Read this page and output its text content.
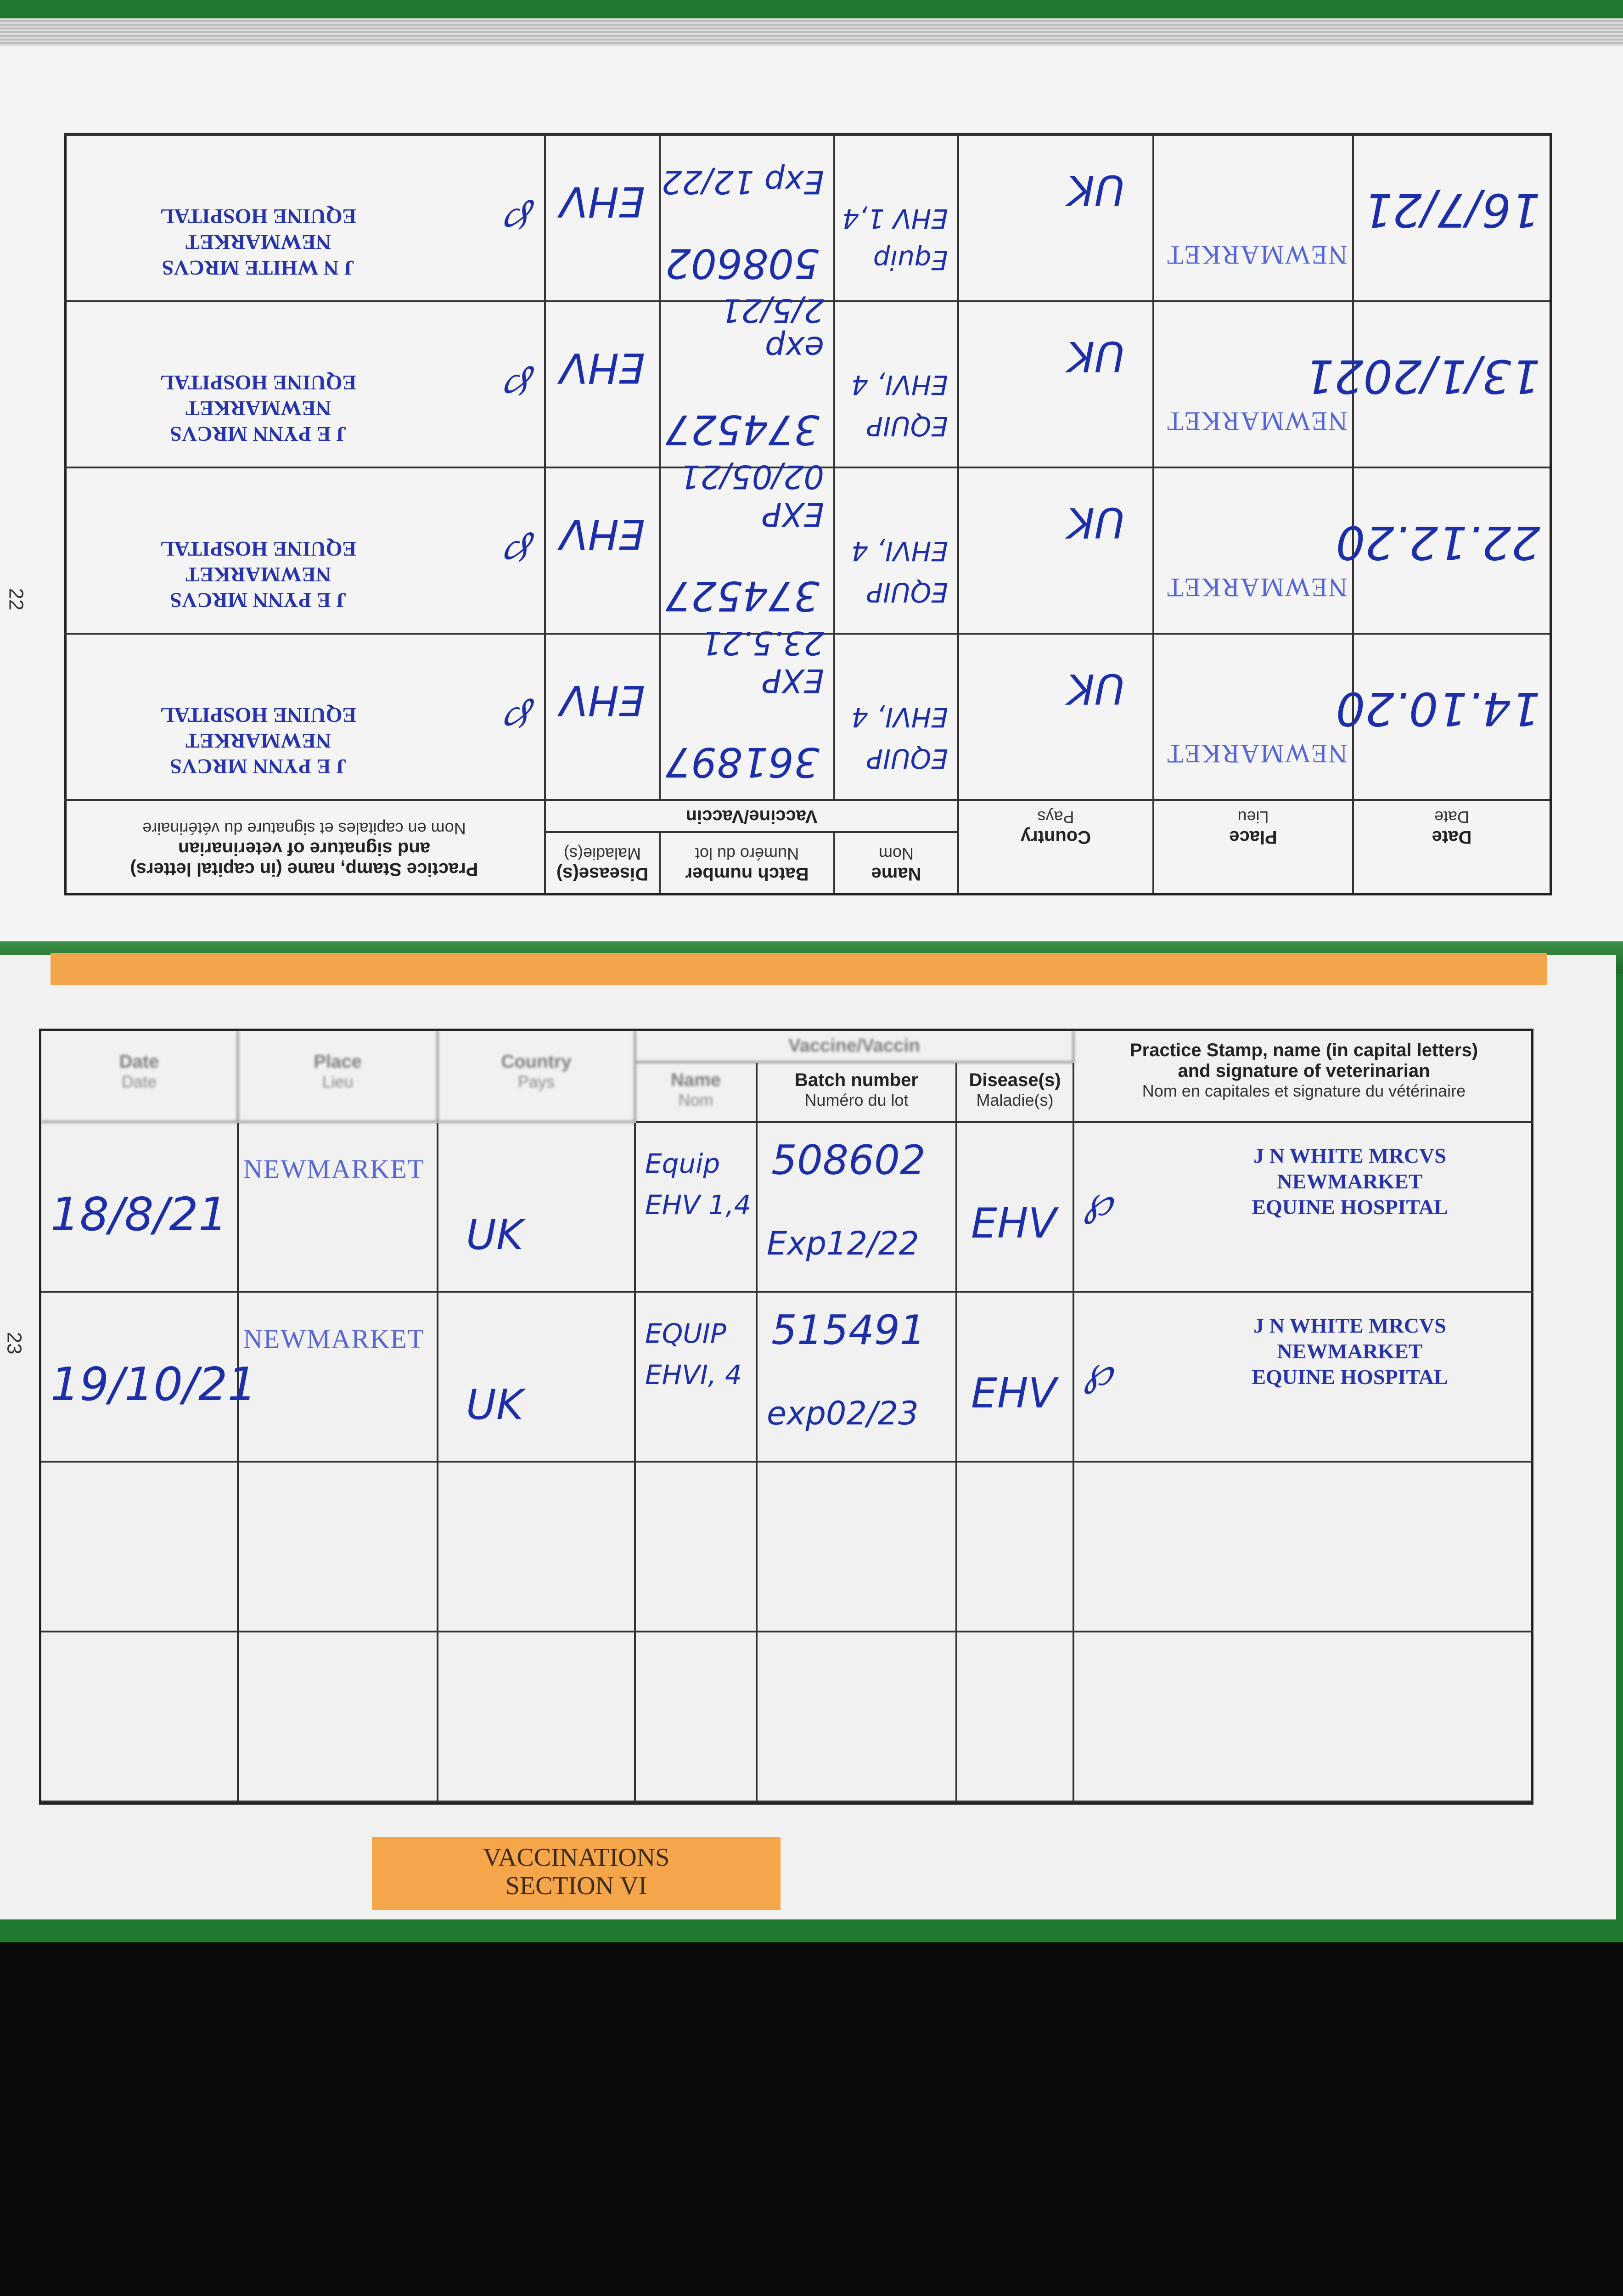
22
23
Date
Date
Place
Lieu
Country
Pays
Vaccine/Vaccin
Name
Nom
Batch number
Numéro du lot
Disease(s)
Maladie(s)
Practice Stamp, name (in capital letters)
and signature of veterinarian
Nom en capitales et signature du vétérinaire
14.10.20
NEWMARKET
UK
EQUIP EHVI, 4
361897
EXP 23.5.21
EHV
℘
J E PYNN MRCVS
NEWMARKET
EQUINE HOSPITAL
22.12.20
NEWMARKET
UK
EQUIP EHVI, 4
374527
EXP 02/05/21
EHV
℘
J E PYNN MRCVS
NEWMARKET
EQUINE HOSPITAL
13/1/2021
NEWMARKET
UK
EQUIP EHVI, 4
374527
exp 2/5/21
EHV
℘
J E PYNN MRCVS
NEWMARKET
EQUINE HOSPITAL
16/7/21
NEWMARKET
UK
Equip EHV 1,4
508602
Exp 12/22
EHV
℘
J N WHITE MRCVS
NEWMARKET
EQUINE HOSPITAL
Date
Date
Place
Lieu
Country
Pays
Vaccine/Vaccin
Name
Nom
Batch number
Numéro du lot
Disease(s)
Maladie(s)
Practice Stamp, name (in capital letters)
and signature of veterinarian
Nom en capitales et signature du vétérinaire
18/8/21
NEWMARKET
UK
Equip EHV 1,4
508602
Exp12/22 EHV ℘
J N WHITE MRCVS
NEWMARKET
EQUINE HOSPITAL
19/10/21
NEWMARKET
UK
EQUIP EHVI, 4
515491
exp02/23 EHV ℘
J N WHITE MRCVS
NEWMARKET
EQUINE HOSPITAL
VACCINATIONS
SECTION VI
